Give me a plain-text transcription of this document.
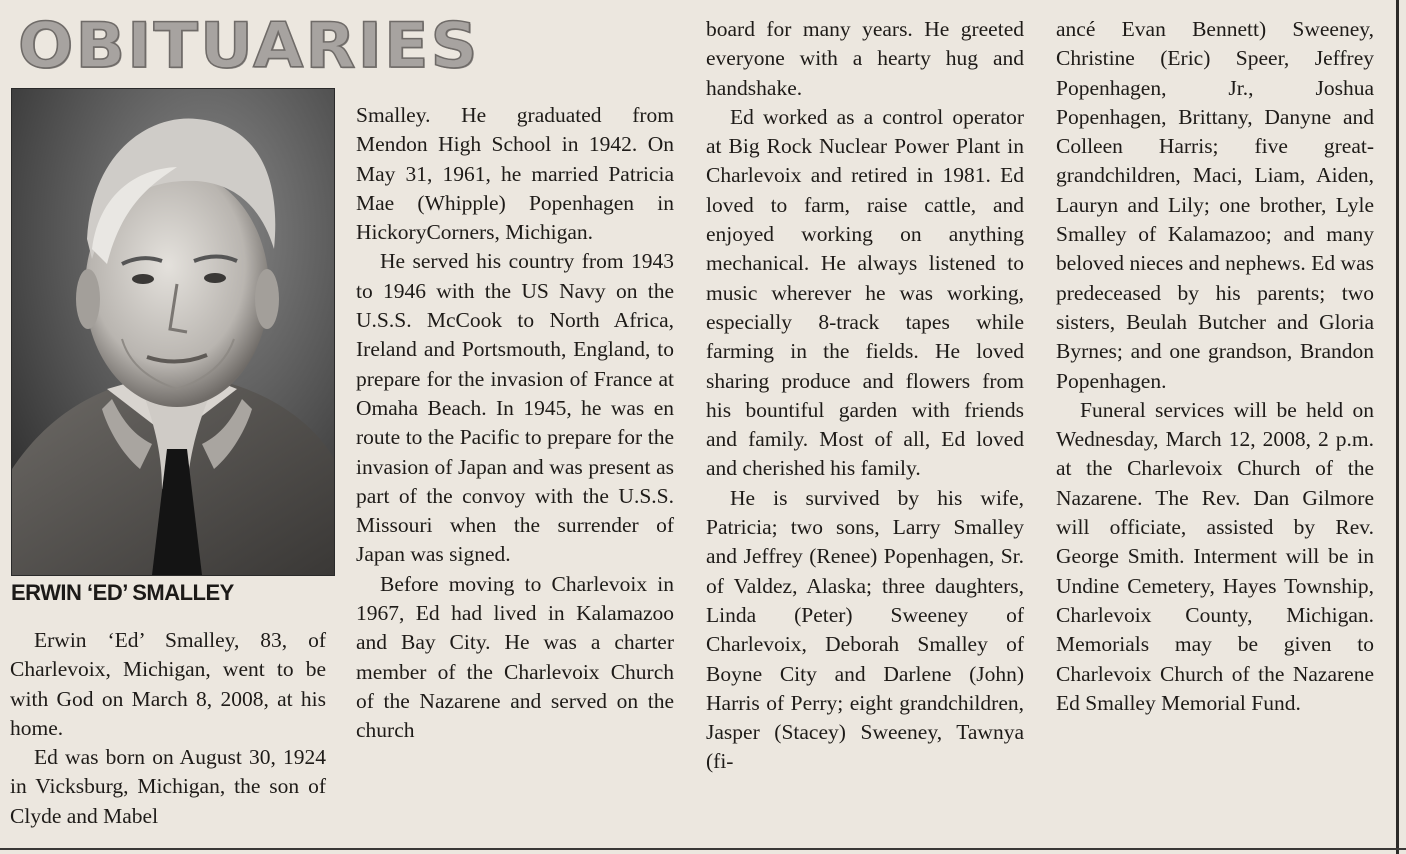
OBITUARIES
ERWIN ‘ED’ SMALLEY

Erwin ‘Ed’ Smalley, 83, of Charlevoix, Michigan, went to be with God on March 8, 2008, at his home.

Ed was born on August 30, 1924 in Vicksburg, Michigan, the son of Clyde and Mabel

Smalley. He graduated from Mendon High School in 1942. On May 31, 1961, he married Patricia Mae (Whipple) Popenhagen in HickoryCorners, Michigan.

He served his country from 1943 to 1946 with the US Navy on the U.S.S. McCook to North Africa, Ireland and Portsmouth, England, to prepare for the invasion of France at Omaha Beach. In 1945, he was en route to the Pacific to prepare for the invasion of Japan and was present as part of the convoy with the U.S.S. Missouri when the surrender of Japan was signed.

Before moving to Charlevoix in 1967, Ed had lived in Kalamazoo and Bay City. He was a charter member of the Charlevoix Church of the Nazarene and served on the church

board for many years. He greeted everyone with a hearty hug and handshake.

Ed worked as a control operator at Big Rock Nuclear Power Plant in Charlevoix and retired in 1981. Ed loved to farm, raise cattle, and enjoyed working on anything mechanical. He always listened to music wherever he was working, especially 8-track tapes while farming in the fields. He loved sharing produce and flowers from his bountiful garden with friends and family. Most of all, Ed loved and cherished his family.

He is survived by his wife, Patricia; two sons, Larry Smalley and Jeffrey (Renee) Popenhagen, Sr. of Valdez, Alaska; three daughters, Linda (Peter) Sweeney of Charlevoix, Deborah Smalley of Boyne City and Darlene (John) Harris of Perry; eight grandchildren, Jasper (Stacey) Sweeney, Tawnya (fi-

ancé Evan Bennett) Sweeney, Christine (Eric) Speer, Jeffrey Popenhagen, Jr., Joshua Popenhagen, Brittany, Danyne and Colleen Harris; five great-grandchildren, Maci, Liam, Aiden, Lauryn and Lily; one brother, Lyle Smalley of Kalamazoo; and many beloved nieces and nephews. Ed was predeceased by his parents; two sisters, Beulah Butcher and Gloria Byrnes; and one grandson, Brandon Popenhagen.

Funeral services will be held on Wednesday, March 12, 2008, 2 p.m. at the Charlevoix Church of the Nazarene. The Rev. Dan Gilmore will officiate, assisted by Rev. George Smith. Interment will be in Undine Cemetery, Hayes Township, Charlevoix County, Michigan. Memorials may be given to Charlevoix Church of the Nazarene Ed Smalley Memorial Fund.
